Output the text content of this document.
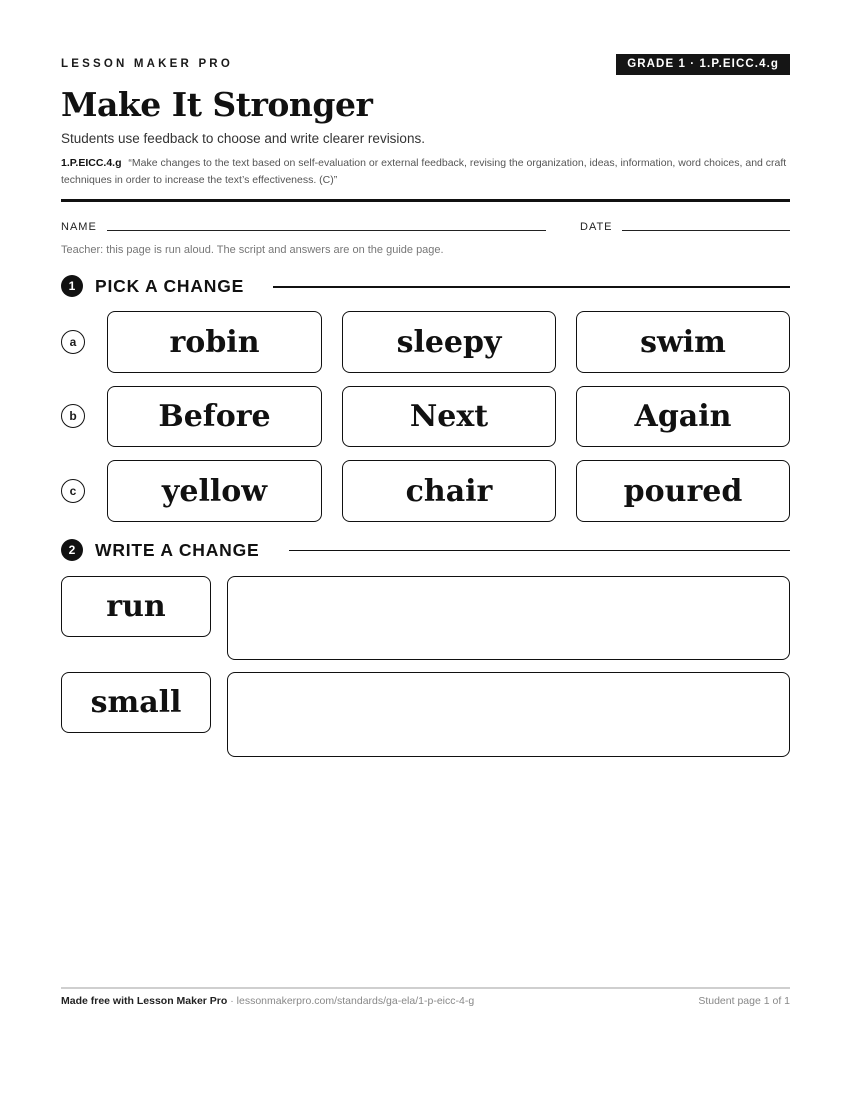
LESSON MAKER PRO	GRADE 1 · 1.P.EICC.4.g
Make It Stronger
Students use feedback to choose and write clearer revisions.
1.P.EICC.4.g “Make changes to the text based on self-evaluation or external feedback, revising the organization, ideas, information, word choices, and craft techniques in order to increase the text’s effectiveness. (C)”
NAME	DATE
Teacher: this page is run aloud. The script and answers are on the guide page.
1	PICK A CHANGE
a	robin	sleepy	swim
b	Before	Next	Again
c	yellow	chair	poured
2	WRITE A CHANGE
run
small
Made free with Lesson Maker Pro · lessonmakerpro.com/standards/ga-ela/1-p-eicc-4-g	Student page 1 of 1
